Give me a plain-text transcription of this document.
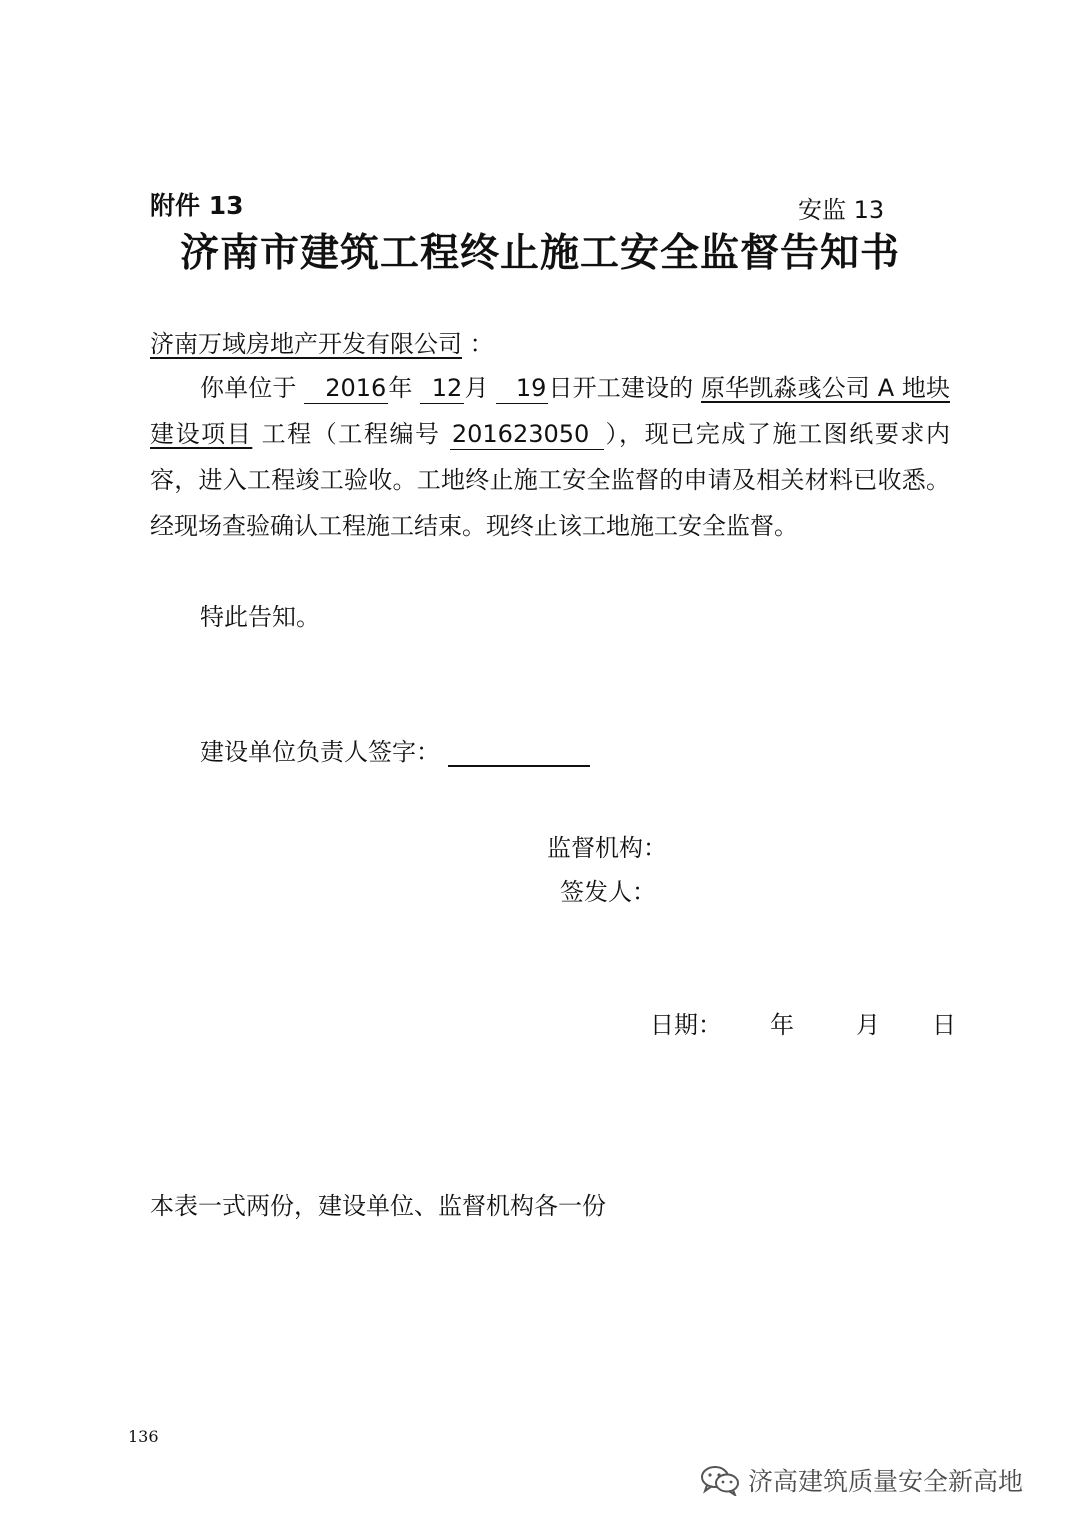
附件 13	安监 13
济南市建筑工程终止施工安全监督告知书
济南万域房地产开发有限公司 ：
你单位于 2016年 12月 19日开工建设的 原华凯淼彧公司 A 地块建设项目 工程（工程编号 201623050 ），现已完成了施工图纸要求内容，进入工程竣工验收。工地终止施工安全监督的申请及相关材料已收悉。经现场查验确认工程施工结束。现终止该工地施工安全监督。
特此告知。
建设单位负责人签字：
监督机构：
签发人：
日期： 年	月 日
本表一式两份，建设单位、监督机构各一份
136
济高建筑质量安全新高地
